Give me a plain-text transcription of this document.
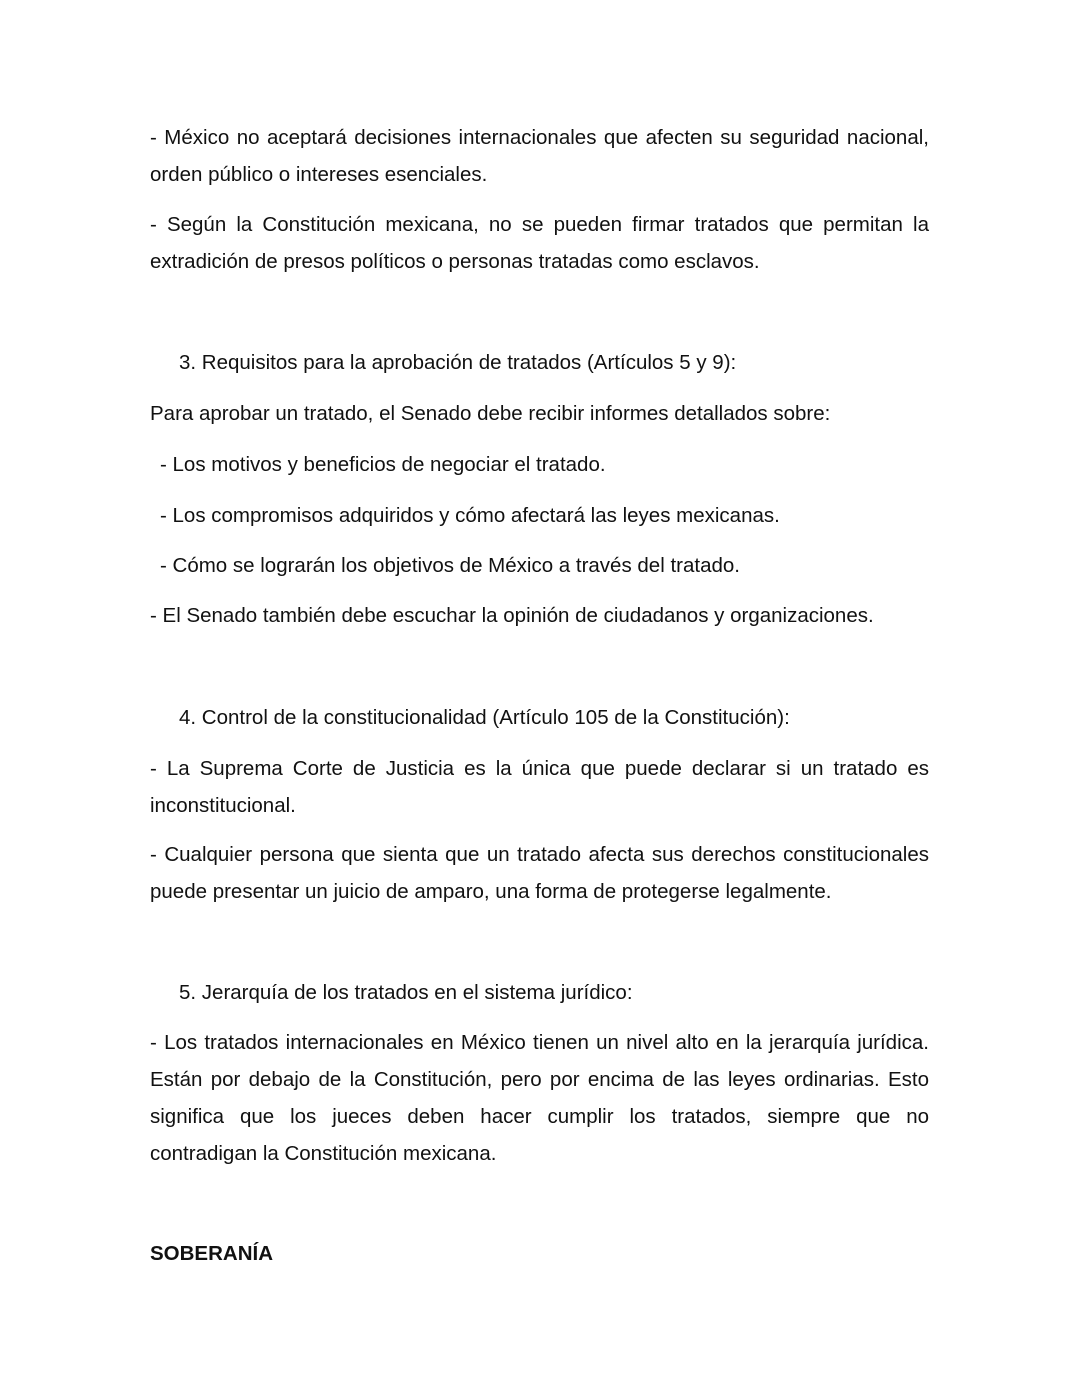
- México no aceptará decisiones internacionales que afecten su seguridad nacional, orden público o intereses esenciales.

- Según la Constitución mexicana, no se pueden firmar tratados que permitan la extradición de presos políticos o personas tratadas como esclavos.

3. Requisitos para la aprobación de tratados (Artículos 5 y 9):

Para aprobar un tratado, el Senado debe recibir informes detallados sobre:

- Los motivos y beneficios de negociar el tratado.

- Los compromisos adquiridos y cómo afectará las leyes mexicanas.

- Cómo se lograrán los objetivos de México a través del tratado.

- El Senado también debe escuchar la opinión de ciudadanos y organizaciones.

4. Control de la constitucionalidad (Artículo 105 de la Constitución):

- La Suprema Corte de Justicia es la única que puede declarar si un tratado es inconstitucional.

- Cualquier persona que sienta que un tratado afecta sus derechos constitucionales puede presentar un juicio de amparo, una forma de protegerse legalmente.

5. Jerarquía de los tratados en el sistema jurídico:

- Los tratados internacionales en México tienen un nivel alto en la jerarquía jurídica. Están por debajo de la Constitución, pero por encima de las leyes ordinarias. Esto significa que los jueces deben hacer cumplir los tratados, siempre que no contradigan la Constitución mexicana.

SOBERANÍA
